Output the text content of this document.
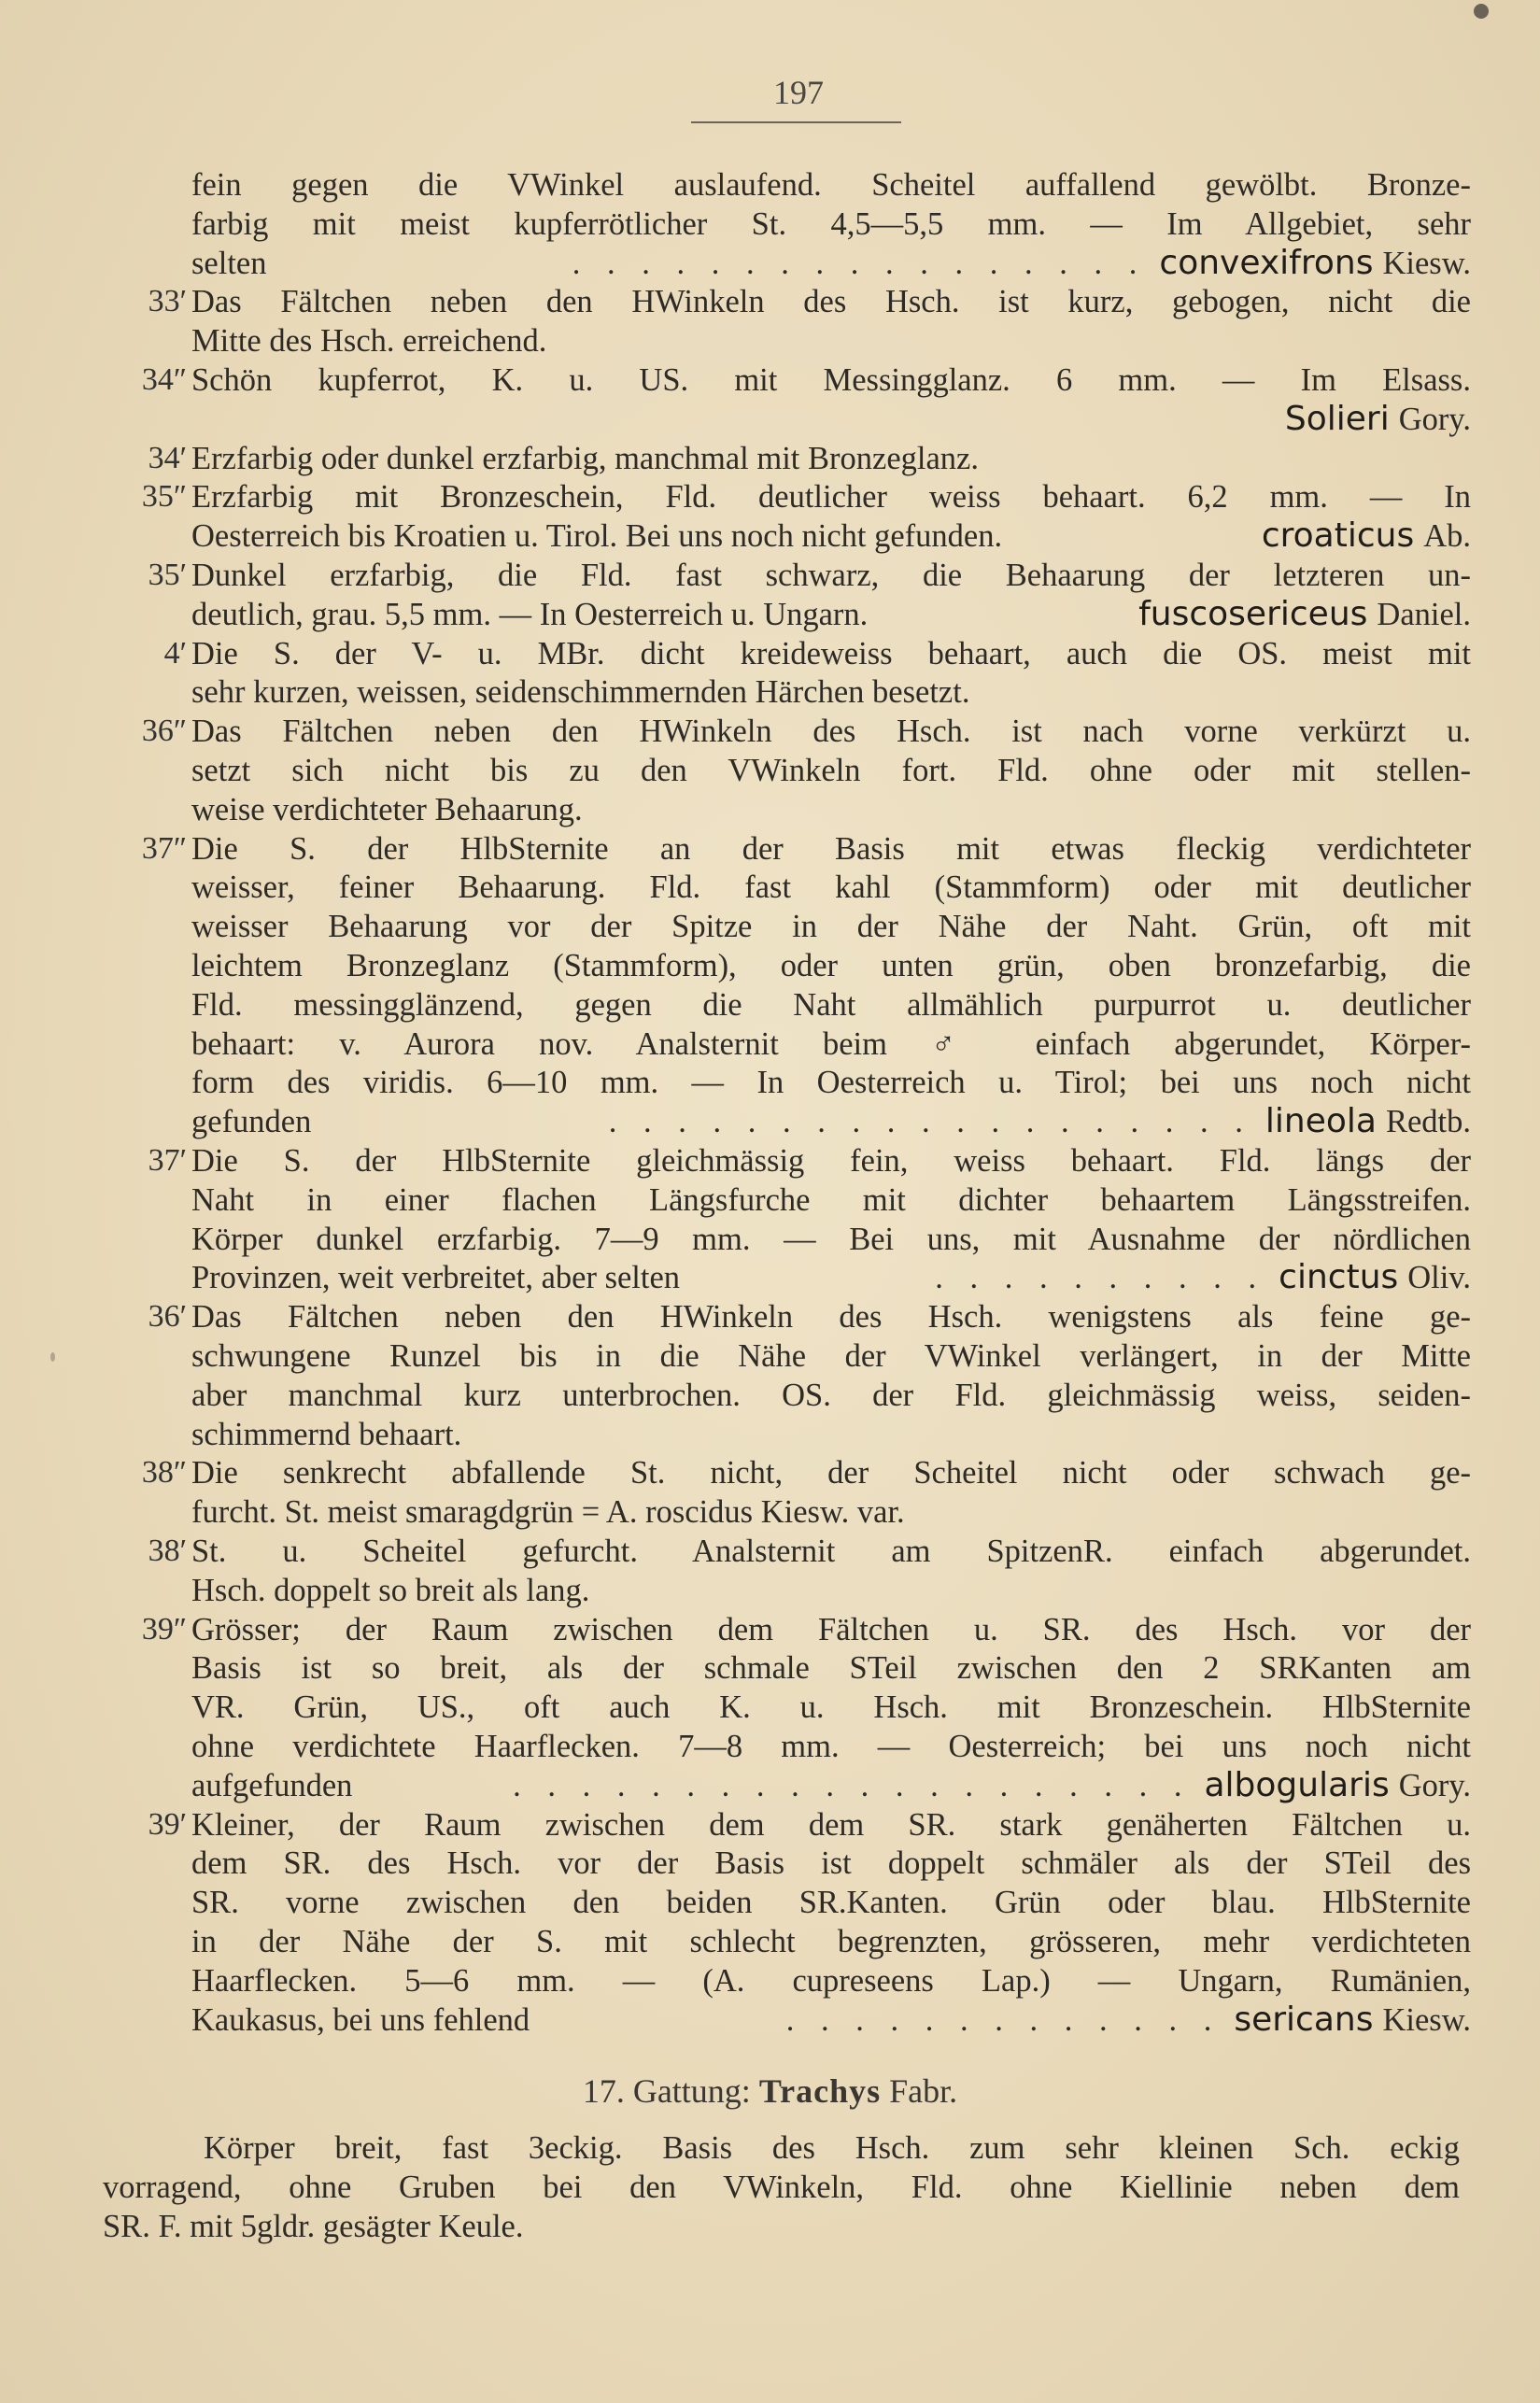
197
fein gegen die VWinkel auslaufend. Scheitel auffallend gewölbt. Bronze-
farbig mit meist kupferrötlicher St. 4,5—5,5 mm. — Im Allgebiet, sehr
selten	. . . . . . . . . . . . . . . . . convexifrons Kiesw.
33′ Das Fältchen neben den HWinkeln des Hsch. ist kurz, gebogen, nicht die
Mitte des Hsch. erreichend.
34″ Schön kupferrot, K. u. US. mit Messingglanz. 6 mm. — Im Elsass.
Solieri Gory.
34′ Erzfarbig oder dunkel erzfarbig, manchmal mit Bronzeglanz.
35″ Erzfarbig mit Bronzeschein, Fld. deutlicher weiss behaart. 6,2 mm. — In
Oesterreich bis Kroatien u. Tirol. Bei uns noch nicht gefunden.	croaticus Ab.
35′ Dunkel erzfarbig, die Fld. fast schwarz, die Behaarung der letzteren un-
deutlich, grau. 5,5 mm. — In Oesterreich u. Ungarn.	fuscosericeus Daniel.
4′ Die S. der V- u. MBr. dicht kreideweiss behaart, auch die OS. meist mit
sehr kurzen, weissen, seidenschimmernden Härchen besetzt.
36″ Das Fältchen neben den HWinkeln des Hsch. ist nach vorne verkürzt u.
setzt sich nicht bis zu den VWinkeln fort. Fld. ohne oder mit stellen-
weise verdichteter Behaarung.
37″ Die S. der HlbSternite an der Basis mit etwas fleckig verdichteter
weisser, feiner Behaarung. Fld. fast kahl (Stammform) oder mit deutlicher
weisser Behaarung vor der Spitze in der Nähe der Naht. Grün, oft mit
leichtem Bronzeglanz (Stammform), oder unten grün, oben bronzefarbig, die
Fld. messingglänzend, gegen die Naht allmählich purpurrot u. deutlicher
behaart: v. Aurora nov. Analsternit beim ♂ einfach abgerundet, Körper-
form des viridis. 6—10 mm. — In Oesterreich u. Tirol; bei uns noch nicht
gefunden	. . . . . . . . . . . . . . . . . . . lineola Redtb.
37′ Die S. der HlbSternite gleichmässig fein, weiss behaart. Fld. längs der
Naht in einer flachen Längsfurche mit dichter behaartem Längsstreifen.
Körper dunkel erzfarbig. 7—9 mm. — Bei uns, mit Ausnahme der nördlichen
Provinzen, weit verbreitet, aber selten	. . . . . . . . . . cinctus Oliv.
36′ Das Fältchen neben den HWinkeln des Hsch. wenigstens als feine ge-
schwungene Runzel bis in die Nähe der VWinkel verlängert, in der Mitte
aber manchmal kurz unterbrochen. OS. der Fld. gleichmässig weiss, seiden-
schimmernd behaart.
38″ Die senkrecht abfallende St. nicht, der Scheitel nicht oder schwach ge-
furcht. St. meist smaragdgrün = A. roscidus Kiesw. var.
38′ St. u. Scheitel gefurcht. Analsternit am SpitzenR. einfach abgerundet.
Hsch. doppelt so breit als lang.
39″ Grösser; der Raum zwischen dem Fältchen u. SR. des Hsch. vor der
Basis ist so breit, als der schmale STeil zwischen den 2 SRKanten am
VR. Grün, US., oft auch K. u. Hsch. mit Bronzeschein. HlbSternite
ohne verdichtete Haarflecken. 7—8 mm. — Oesterreich; bei uns noch nicht
aufgefunden	. . . . . . . . . . . . . . . . . . . . albogularis Gory.
39′ Kleiner, der Raum zwischen dem dem SR. stark genäherten Fältchen u.
dem SR. des Hsch. vor der Basis ist doppelt schmäler als der STeil des
SR. vorne zwischen den beiden SR.Kanten. Grün oder blau. HlbSternite
in der Nähe der S. mit schlecht begrenzten, grösseren, mehr verdichteten
Haarflecken. 5—6 mm. — (A. cupreseens Lap.) — Ungarn, Rumänien,
Kaukasus, bei uns fehlend	. . . . . . . . . . . . . sericans Kiesw.
17. Gattung: Trachys Fabr.
Körper breit, fast 3eckig. Basis des Hsch. zum sehr kleinen Sch. eckig
vorragend, ohne Gruben bei den VWinkeln, Fld. ohne Kiellinie neben dem
SR. F. mit 5gldr. gesägter Keule.
